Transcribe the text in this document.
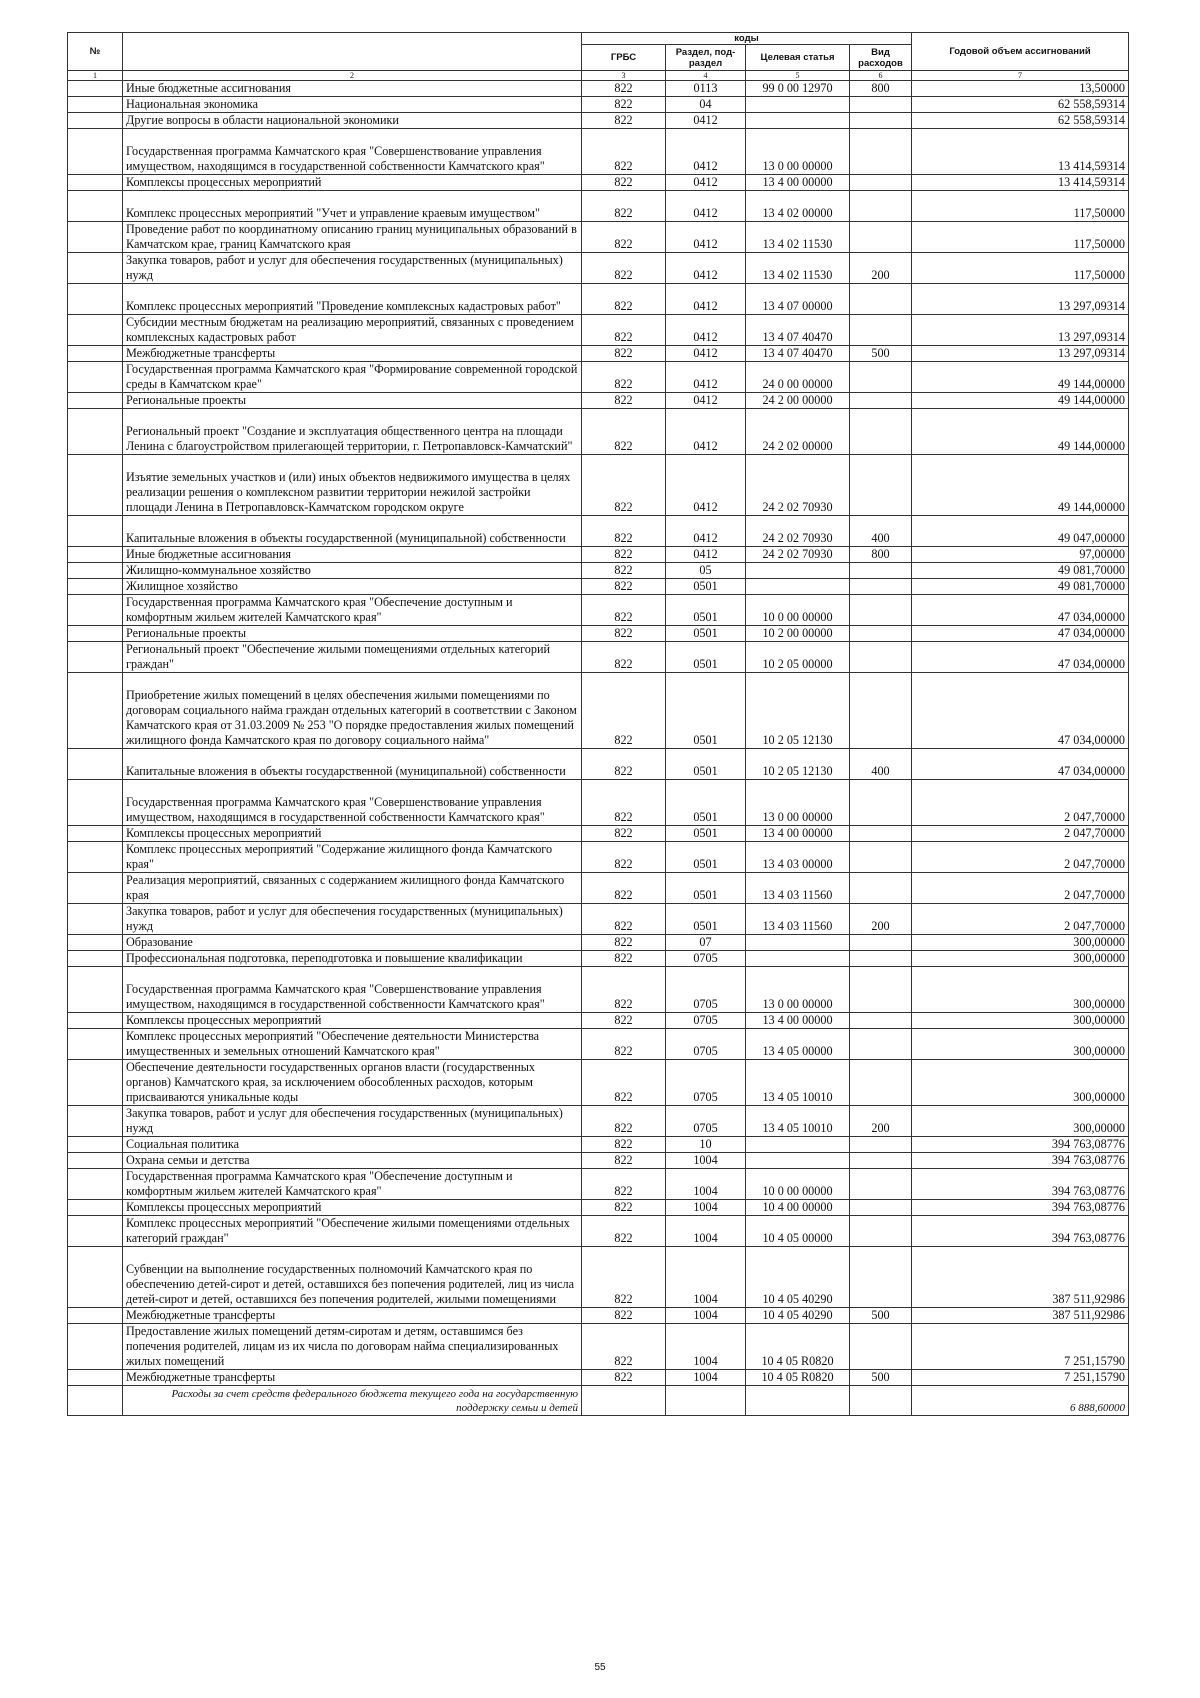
№		коды				Годовой объем ассигнований
		ГРБС	Раздел, под-раздел	Целевая статья	Вид расходов	
1	2	3	4	5	6	7
	Иные бюджетные ассигнования	822	0113	99 0 00 12970	800	13,50000
	Национальная экономика	822	04			62 558,59314
	Другие вопросы в области национальной экономики	822	0412			62 558,59314
	Государственная программа Камчатского края "Совершенствование управления имуществом, находящимся в государственной собственности Камчатского края"	822	0412	13 0 00 00000		13 414,59314
	Комплексы процессных мероприятий	822	0412	13 4 00 00000		13 414,59314
	Комплекс процессных мероприятий "Учет и управление краевым имуществом"	822	0412	13 4 02 00000		117,50000
	Проведение работ по координатному описанию границ муниципальных образований в Камчатском крае, границ Камчатского края	822	0412	13 4 02 11530		117,50000
	Закупка товаров, работ и услуг для обеспечения государственных (муниципальных) нужд	822	0412	13 4 02 11530	200	117,50000
	Комплекс процессных мероприятий "Проведение комплексных кадастровых работ"	822	0412	13 4 07 00000		13 297,09314
	Субсидии местным бюджетам на реализацию мероприятий, связанных с проведением комплексных кадастровых работ	822	0412	13 4 07 40470		13 297,09314
	Межбюджетные трансферты	822	0412	13 4 07 40470	500	13 297,09314
	Государственная программа Камчатского края "Формирование современной городской среды в Камчатском крае"	822	0412	24 0 00 00000		49 144,00000
	Региональные проекты	822	0412	24 2 00 00000		49 144,00000
	Региональный проект "Создание и эксплуатация общественного центра на площади Ленина с благоустройством прилегающей территории, г. Петропавловск-Камчатский"	822	0412	24 2 02 00000		49 144,00000
	Изъятие земельных участков и (или) иных объектов недвижимого имущества в целях реализации решения о комплексном развитии территории нежилой застройки площади Ленина в Петропавловск-Камчатском городском округе	822	0412	24 2 02 70930		49 144,00000
	Капитальные вложения в объекты государственной (муниципальной) собственности	822	0412	24 2 02 70930	400	49 047,00000
	Иные бюджетные ассигнования	822	0412	24 2 02 70930	800	97,00000
	Жилищно-коммунальное хозяйство	822	05			49 081,70000
	Жилищное хозяйство	822	0501			49 081,70000
	Государственная программа Камчатского края "Обеспечение доступным и комфортным жильем жителей Камчатского края"	822	0501	10 0 00 00000		47 034,00000
	Региональные проекты	822	0501	10 2 00 00000		47 034,00000
	Региональный проект "Обеспечение жилыми помещениями отдельных категорий граждан"	822	0501	10 2 05 00000		47 034,00000
	Приобретение жилых помещений в целях обеспечения жилыми помещениями по договорам социального найма граждан отдельных категорий в соответствии с Законом Камчатского края от 31.03.2009 № 253 "О порядке предоставления жилых помещений жилищного фонда Камчатского края по договору социального найма"	822	0501	10 2 05 12130		47 034,00000
	Капитальные вложения в объекты государственной (муниципальной) собственности	822	0501	10 2 05 12130	400	47 034,00000
	Государственная программа Камчатского края "Совершенствование управления имуществом, находящимся в государственной собственности Камчатского края"	822	0501	13 0 00 00000		2 047,70000
	Комплексы процессных мероприятий	822	0501	13 4 00 00000		2 047,70000
	Комплекс процессных мероприятий "Содержание жилищного фонда Камчатского края"	822	0501	13 4 03 00000		2 047,70000
	Реализация мероприятий, связанных с содержанием жилищного фонда Камчатского края	822	0501	13 4 03 11560		2 047,70000
	Закупка товаров, работ и услуг для обеспечения государственных (муниципальных) нужд	822	0501	13 4 03 11560	200	2 047,70000
	Образование	822	07			300,00000
	Профессиональная подготовка, переподготовка и повышение квалификации	822	0705			300,00000
	Государственная программа Камчатского края "Совершенствование управления имуществом, находящимся в государственной собственности Камчатского края"	822	0705	13 0 00 00000		300,00000
	Комплексы процессных мероприятий	822	0705	13 4 00 00000		300,00000
	Комплекс процессных мероприятий "Обеспечение деятельности Министерства имущественных и земельных отношений Камчатского края"	822	0705	13 4 05 00000		300,00000
	Обеспечение деятельности государственных органов власти (государственных органов) Камчатского края, за исключением обособленных расходов, которым присваиваются уникальные коды	822	0705	13 4 05 10010		300,00000
	Закупка товаров, работ и услуг для обеспечения государственных (муниципальных) нужд	822	0705	13 4 05 10010	200	300,00000
	Социальная политика	822	10			394 763,08776
	Охрана семьи и детства	822	1004			394 763,08776
	Государственная программа Камчатского края "Обеспечение доступным и комфортным жильем жителей Камчатского края"	822	1004	10 0 00 00000		394 763,08776
	Комплексы процессных мероприятий	822	1004	10 4 00 00000		394 763,08776
	Комплекс процессных мероприятий "Обеспечение жилыми помещениями отдельных категорий граждан"	822	1004	10 4 05 00000		394 763,08776
	Субвенции на выполнение государственных полномочий Камчатского края по обеспечению детей-сирот и детей, оставшихся без попечения родителей, лиц из числа детей-сирот и детей, оставшихся без попечения родителей, жилыми помещениями	822	1004	10 4 05 40290		387 511,92986
	Межбюджетные трансферты	822	1004	10 4 05 40290	500	387 511,92986
	Предоставление жилых помещений детям-сиротам и детям, оставшимся без попечения родителей, лицам из их числа по договорам найма специализированных жилых помещений	822	1004	10 4 05 R0820		7 251,15790
	Межбюджетные трансферты	822	1004	10 4 05 R0820	500	7 251,15790
	Расходы за счет средств федерального бюджета текущего года на государственную поддержку семьи и детей					6 888,60000
55
